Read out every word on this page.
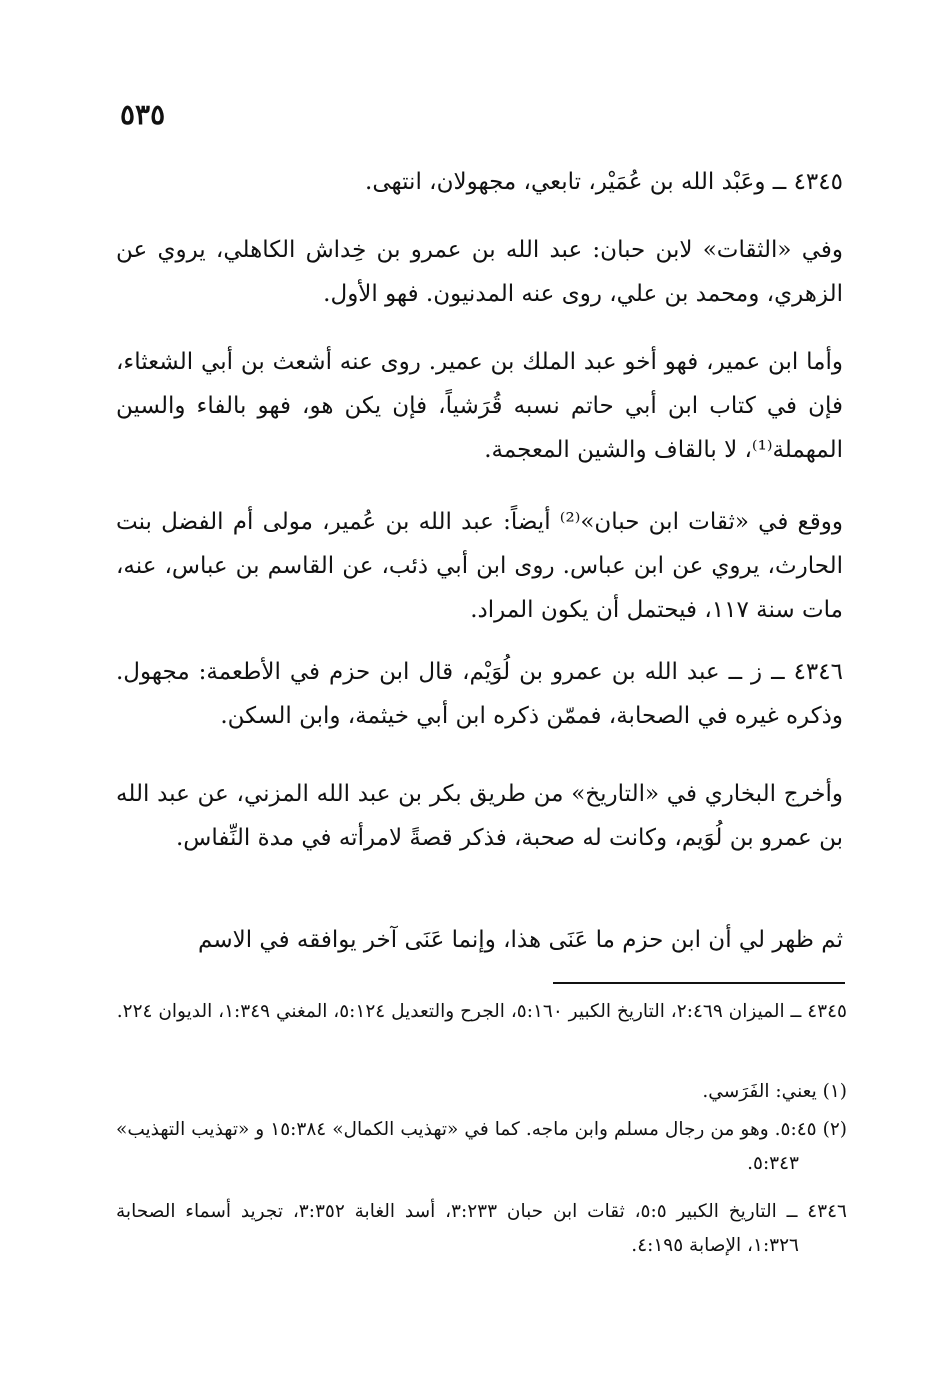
٥٣٥

٤٣٤٥ ــ وعَبْد الله بن عُمَيْر، تابعي، مجهولان، انتهى.

وفي «الثقات» لابن حبان: عبد الله بن عمرو بن خِداش الكاهلي، يروي عن الزهري، ومحمد بن علي، روى عنه المدنيون. فهو الأول.

وأما ابن عمير، فهو أخو عبد الملك بن عمير. روى عنه أشعث بن أبي الشعثاء، فإن في كتاب ابن أبي حاتم نسبه قُرَشياً، فإن يكن هو، فهو بالفاء والسين المهملة⁽¹⁾، لا بالقاف والشين المعجمة.

ووقع في «ثقات ابن حبان»⁽²⁾ أيضاً: عبد الله بن عُمير، مولى أم الفضل بنت الحارث، يروي عن ابن عباس. روى ابن أبي ذئب، عن القاسم بن عباس، عنه، مات سنة ١١٧، فيحتمل أن يكون المراد.

٤٣٤٦ ــ ز ــ عبد الله بن عمرو بن لُوَيْم، قال ابن حزم في الأطعمة: مجهول. وذكره غيره في الصحابة، فممّن ذكره ابن أبي خيثمة، وابن السكن.

وأخرج البخاري في «التاريخ» من طريق بكر بن عبد الله المزني، عن عبد الله بن عمرو بن لُوَيم، وكانت له صحبة، فذكر قصةً لامرأته في مدة النِّفاس.

ثم ظهر لي أن ابن حزم ما عَنَى هذا، وإنما عَنَى آخر يوافقه في الاسم

٤٣٤٥ ــ الميزان ٢:٤٦٩، التاريخ الكبير ٥:١٦٠، الجرح والتعديل ٥:١٢٤، المغني ١:٣٤٩، الديوان ٢٢٤.

(١) يعني: الفَرَسي.

(٢) ٥:٤٥. وهو من رجال مسلم وابن ماجه. كما في «تهذيب الكمال» ١٥:٣٨٤ و «تهذيب التهذيب» ٥:٣٤٣.

٤٣٤٦ ــ التاريخ الكبير ٥:٥، ثقات ابن حبان ٣:٢٣٣، أسد الغابة ٣:٣٥٢، تجريد أسماء الصحابة ١:٣٢٦، الإصابة ٤:١٩٥.
